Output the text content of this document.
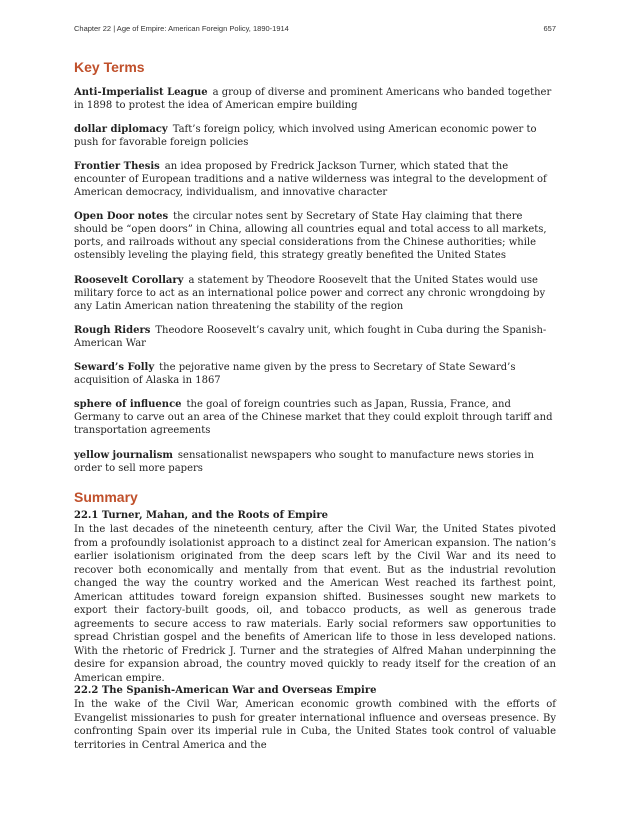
Chapter 22 | Age of Empire: American Foreign Policy, 1890-1914	657
Key Terms
Anti-Imperialist League a group of diverse and prominent Americans who banded together in 1898 to protest the idea of American empire building
dollar diplomacy Taft’s foreign policy, which involved using American economic power to push for favorable foreign policies
Frontier Thesis an idea proposed by Fredrick Jackson Turner, which stated that the encounter of European traditions and a native wilderness was integral to the development of American democracy, individualism, and innovative character
Open Door notes the circular notes sent by Secretary of State Hay claiming that there should be “open doors” in China, allowing all countries equal and total access to all markets, ports, and railroads without any special considerations from the Chinese authorities; while ostensibly leveling the playing field, this strategy greatly benefited the United States
Roosevelt Corollary a statement by Theodore Roosevelt that the United States would use military force to act as an international police power and correct any chronic wrongdoing by any Latin American nation threatening the stability of the region
Rough Riders Theodore Roosevelt’s cavalry unit, which fought in Cuba during the Spanish-American War
Seward’s Folly the pejorative name given by the press to Secretary of State Seward’s acquisition of Alaska in 1867
sphere of influence the goal of foreign countries such as Japan, Russia, France, and Germany to carve out an area of the Chinese market that they could exploit through tariff and transportation agreements
yellow journalism sensationalist newspapers who sought to manufacture news stories in order to sell more papers
Summary
22.1 Turner, Mahan, and the Roots of Empire
In the last decades of the nineteenth century, after the Civil War, the United States pivoted from a profoundly isolationist approach to a distinct zeal for American expansion. The nation’s earlier isolationism originated from the deep scars left by the Civil War and its need to recover both economically and mentally from that event. But as the industrial revolution changed the way the country worked and the American West reached its farthest point, American attitudes toward foreign expansion shifted. Businesses sought new markets to export their factory-built goods, oil, and tobacco products, as well as generous trade agreements to secure access to raw materials. Early social reformers saw opportunities to spread Christian gospel and the benefits of American life to those in less developed nations. With the rhetoric of Fredrick J. Turner and the strategies of Alfred Mahan underpinning the desire for expansion abroad, the country moved quickly to ready itself for the creation of an American empire.
22.2 The Spanish-American War and Overseas Empire
In the wake of the Civil War, American economic growth combined with the efforts of Evangelist missionaries to push for greater international influence and overseas presence. By confronting Spain over its imperial rule in Cuba, the United States took control of valuable territories in Central America and the
